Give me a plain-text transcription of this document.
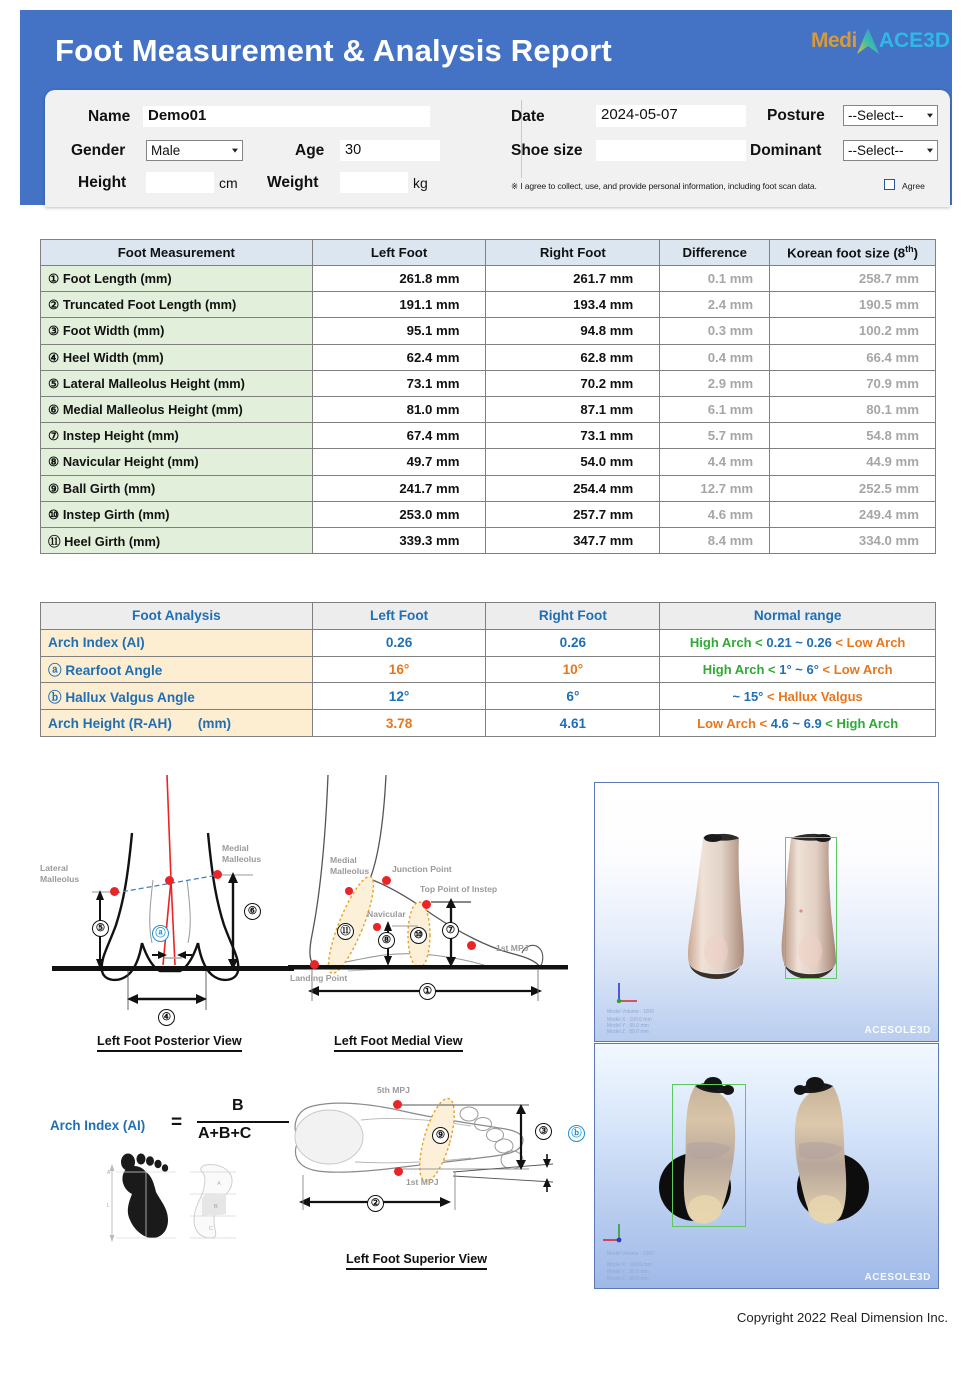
Foot Measurement & Analysis Report	Medi ACE3D
Name	Demo01
Gender	Male	Age	30
Height	cm Weight	kg
Date	2024-05-07
Shoe size
Posture	--Select--
Dominant	--Select--
※ I agree to collect, use, and provide personal information, including foot scan data.	Agree
Foot Measurement	Left Foot	Right Foot	Difference	Korean foot size (8th)
① Foot Length (mm)	261.8 mm	261.7 mm	0.1 mm	258.7 mm
② Truncated Foot Length (mm)	191.1 mm	193.4 mm	2.4 mm	190.5 mm
③ Foot Width (mm)	95.1 mm	94.8 mm	0.3 mm	100.2 mm
④ Heel Width (mm)	62.4 mm	62.8 mm	0.4 mm	66.4 mm
⑤ Lateral Malleolus Height (mm)	73.1 mm	70.2 mm	2.9 mm	70.9 mm
⑥ Medial Malleolus Height (mm)	81.0 mm	87.1 mm	6.1 mm	80.1 mm
⑦ Instep Height (mm)	67.4 mm	73.1 mm	5.7 mm	54.8 mm
⑧ Navicular Height (mm)	49.7 mm	54.0 mm	4.4 mm	44.9 mm
⑨ Ball Girth (mm)	241.7 mm	254.4 mm	12.7 mm	252.5 mm
⑩ Instep Girth (mm)	253.0 mm	257.7 mm	4.6 mm	249.4 mm
⑪ Heel Girth (mm)	339.3 mm	347.7 mm	8.4 mm	334.0 mm
Foot Analysis	Left Foot	Right Foot	Normal range
Arch Index (AI)	0.26	0.26	High Arch < 0.21 ~ 0.26 < Low Arch
ⓐ Rearfoot Angle	16°	10°	High Arch < 1° ~ 6° < Low Arch
ⓑ Hallux Valgus Angle	12°	6°	~ 15° < Hallux Valgus
Arch Height (R-AH) (mm)	3.78	4.61	Low Arch < 4.6 ~ 6.9 < High Arch
Lateral
Malleolus
Medial
Malleolus
⑤
⑥
④
ⓐ
Left Foot Posterior View
Medial
Malleolus	Junction Point
Top Point of Instep
Navicular
1st MPJ
Landing Point
⑪
⑧	⑩	⑦
①
Left Foot Medial View
Arch Index (AI) =
B
A+B+C
L
A
A
B
C
5th MPJ
1st MPJ
⑨	③
②
ⓑ
Left Foot Superior View
Model Volume : 1000
Model X : 100.0 mm
Model Y : 95.0 mm
Model Z : 80.0 mm	ACESOLE3D
Model Volume : 1000
Model X : 100.0 mm
Model Y : 95.0 mm
Model Z : 80.0 mm	ACESOLE3D
Copyright 2022 Real Dimension Inc.
